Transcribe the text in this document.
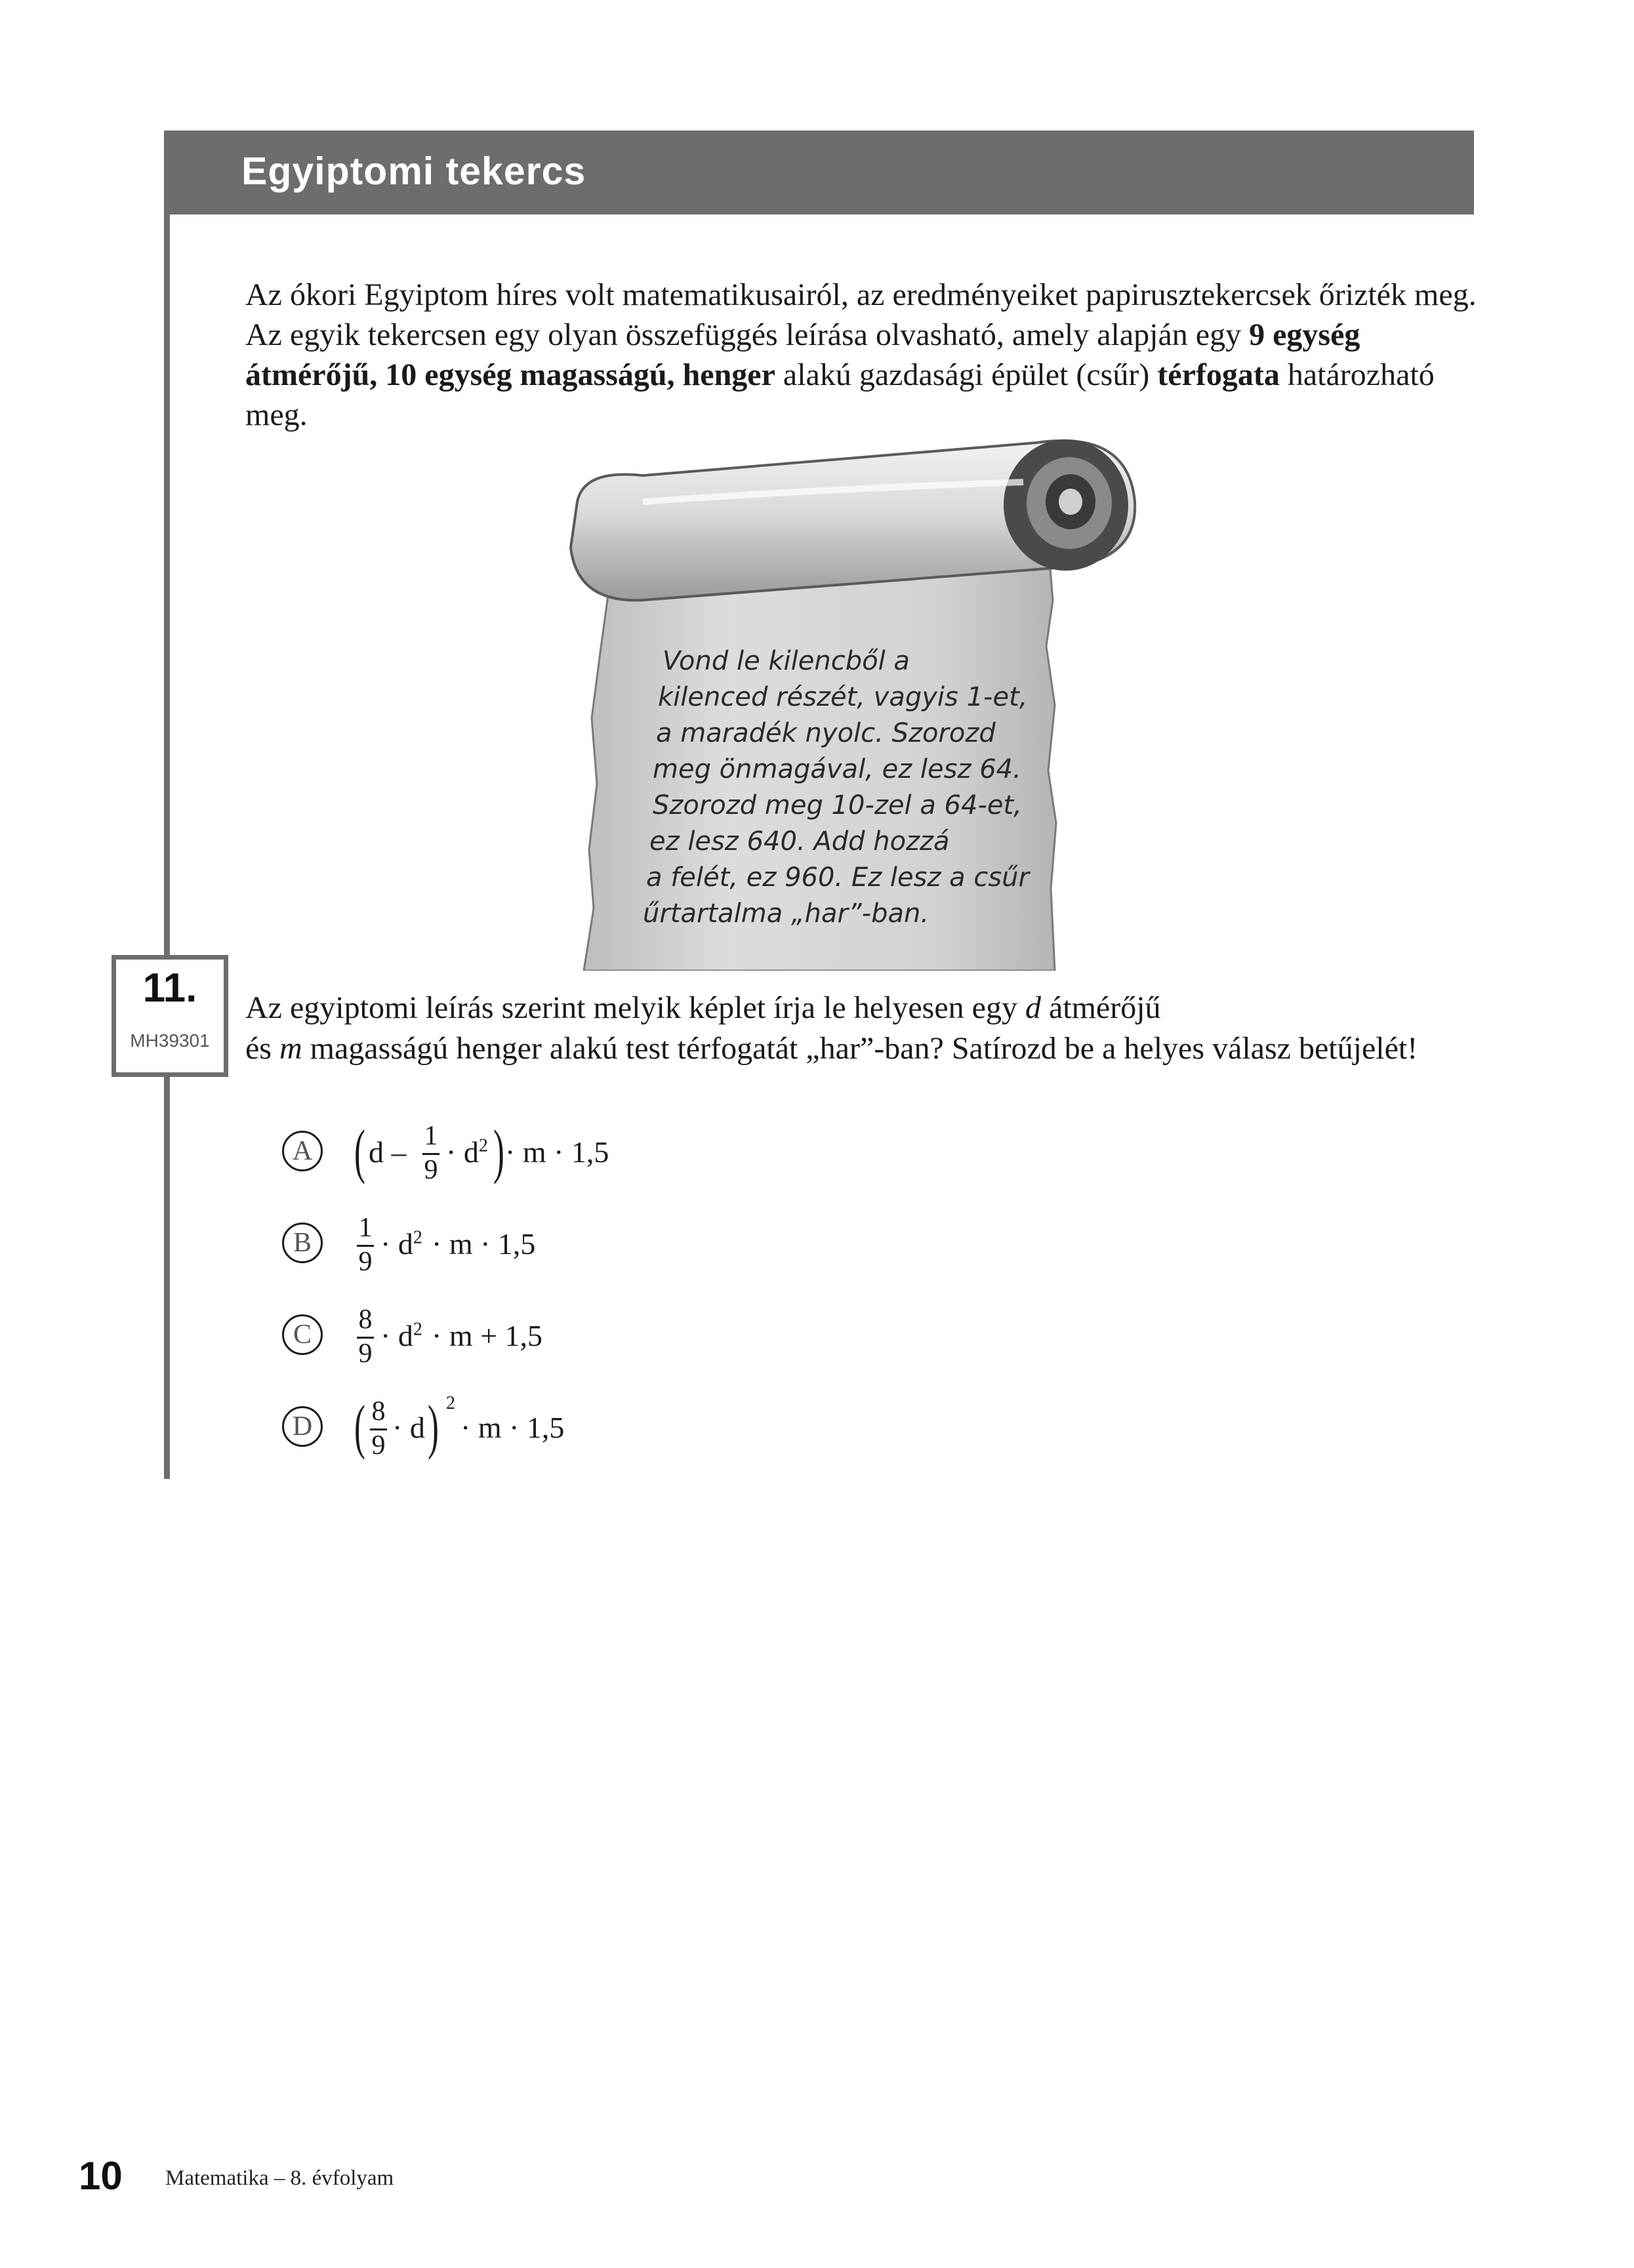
Egyiptomi tekercs
Az ókori Egyiptom híres volt matematikusairól, az eredményeiket papirusztekercsek őrizték meg. Az egyik tekercsen egy olyan összefüggés leírása olvasható, amely alapján egy 9 egység átmérőjű, 10 egység magasságú, henger alakú gazdasági épület (csűr) térfogata határozható meg.
Vond le kilencből a
kilenced részét, vagyis 1-et,
a maradék nyolc. Szorozd
meg önmagával, ez lesz 64.
Szorozd meg 10-zel a 64-et,
ez lesz 640. Add hozzá
a felét, ez 960. Ez lesz a csűr
űrtartalma „har”-ban.
11.
MH39301
Az egyiptomi leírás szerint melyik képlet írja le helyesen egy d átmérőjű
és m magasságú henger alakú test térfogatát „har”-ban? Satírozd be a helyes válasz betűjelét!
A ( d – 1
9
· $d^2$ ) · m · 1,5
B	1
9
· $d^2 \cdot m \cdot 1,5$
C	8
9
· $d^2 \cdot m + 1,5$
D ( 8
9
· d ) 2
· m · 1,5
10 Matematika – 8. évfolyam
